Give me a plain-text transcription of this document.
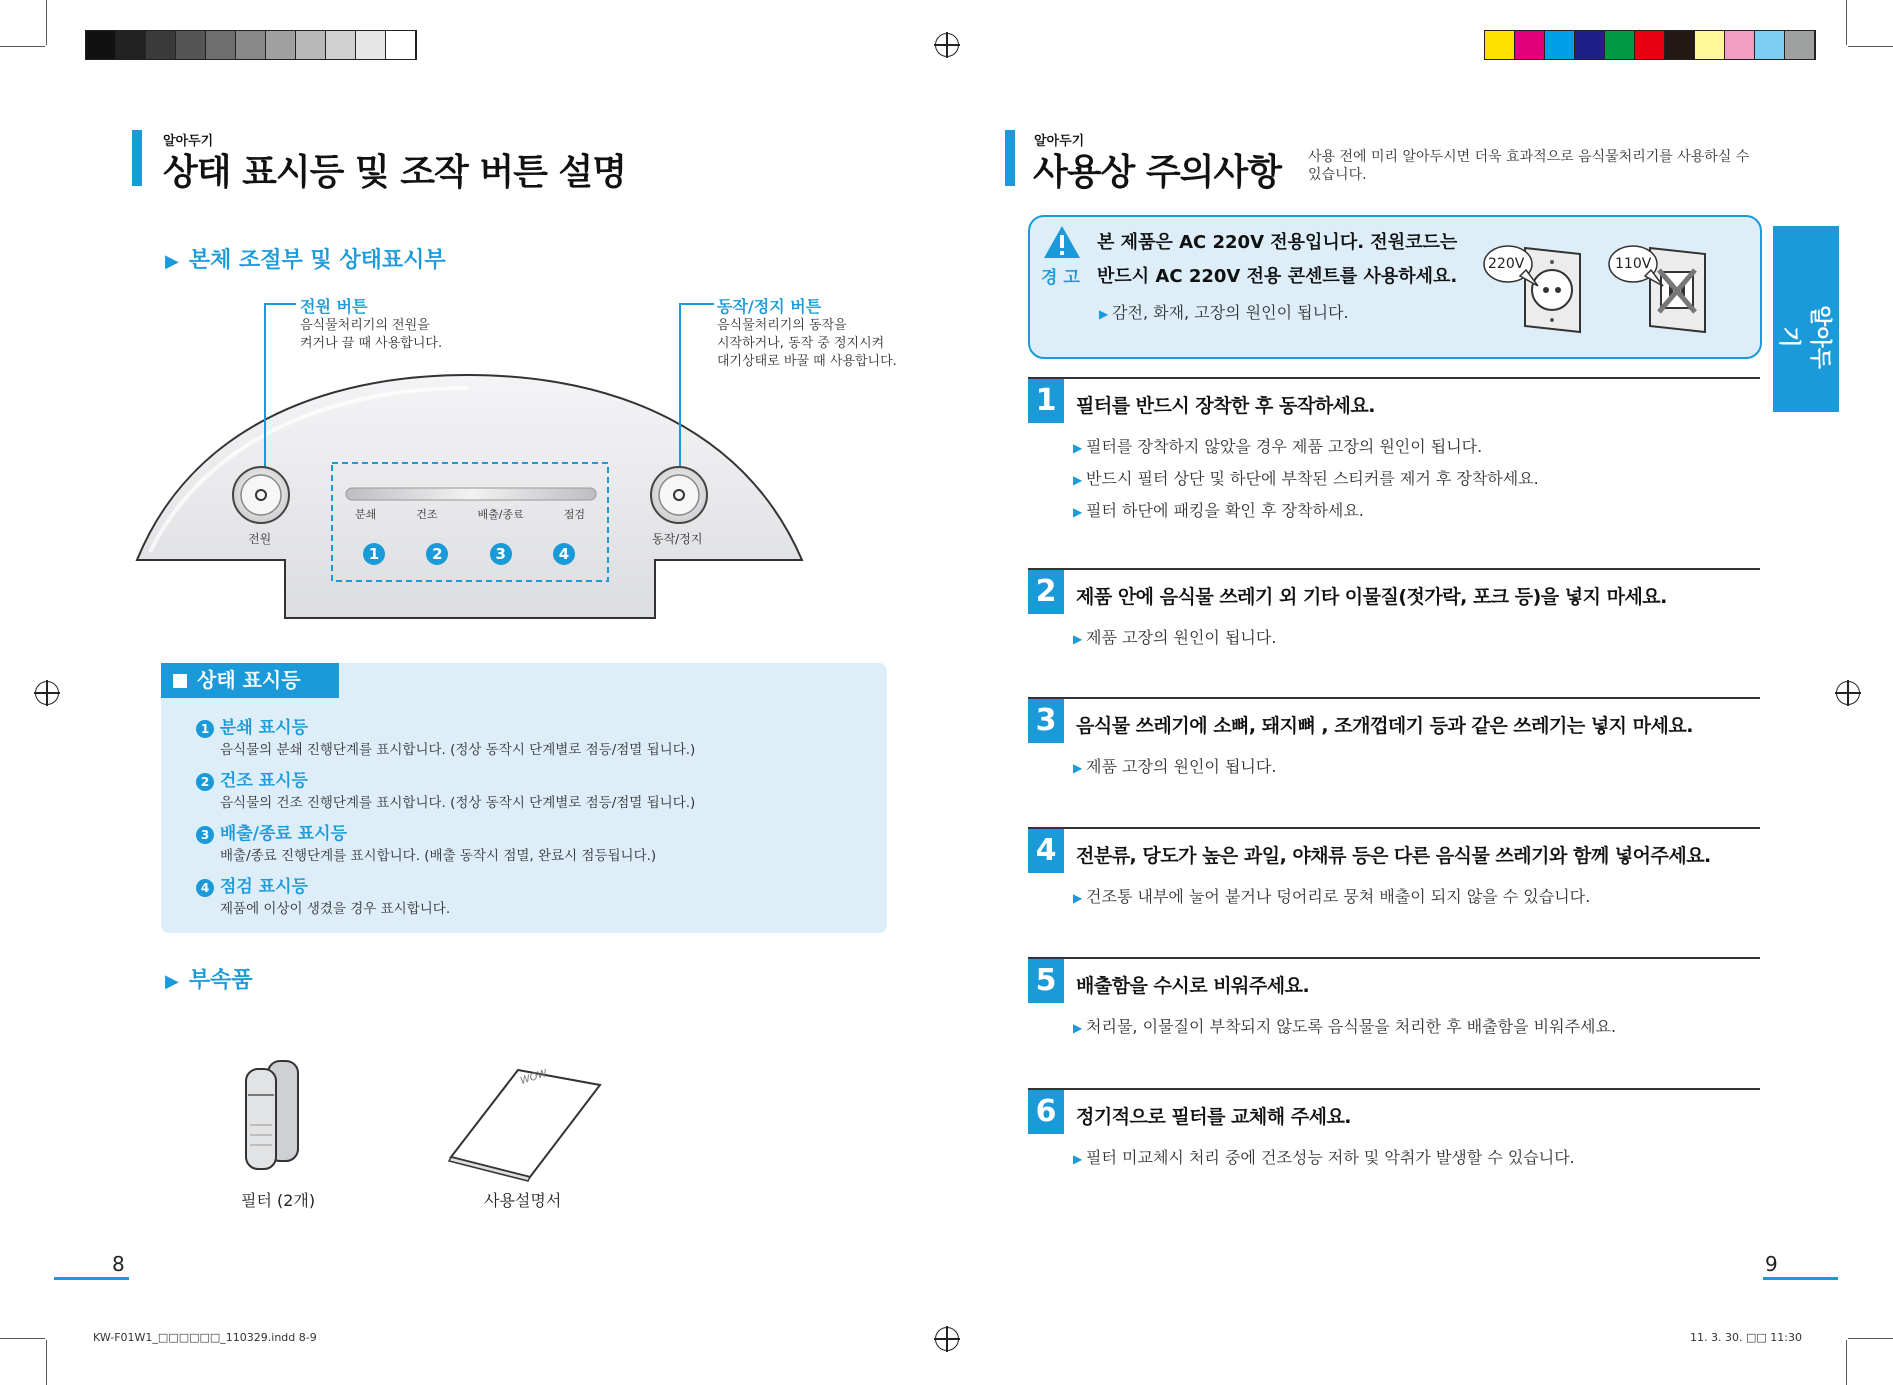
알아두기
상태 표시등 및 조작 버튼 설명
▶ 본체 조절부 및 상태표시부
전원 버튼
음식물처리기의 전원을
켜거나 끌 때 사용합니다.
동작/정지 버튼
음식물처리기의 동작을
시작하거나, 동작 중 정지시켜
대기상태로 바꿀 때 사용합니다.
전원	동작/정지
분쇄	건조	배출/종료	점검
1	2	3	4
상태 표시등
1 분쇄 표시등
음식물의 분쇄 진행단계를 표시합니다. (정상 동작시 단계별로 점등/점멸 됩니다.)
2 건조 표시등
음식물의 건조 진행단계를 표시합니다. (정상 동작시 단계별로 점등/점멸 됩니다.)
3 배출/종료 표시등
배출/종료 진행단계를 표시합니다. (배출 동작시 점멸, 완료시 점등됩니다.)
4 점검 표시등
제품에 이상이 생겼을 경우 표시합니다.
▶ 부속품
필터 (2개)
WOW
사용설명서
8
알아두기
사용상 주의사항 사용 전에 미리 알아두시면 더욱 효과적으로 음식물처리기를 사용하실 수
있습니다.
알아두기
경 고
본 제품은 AC 220V 전용입니다. 전원코드는
반드시 AC 220V 전용 콘센트를 사용하세요.
▶ 감전, 화재, 고장의 원인이 됩니다.
220V	110V
1	필터를 반드시 장착한 후 동작하세요.
▶ 필터를 장착하지 않았을 경우 제품 고장의 원인이 됩니다.
▶ 반드시 필터 상단 및 하단에 부착된 스티커를 제거 후 장착하세요.
▶ 필터 하단에 패킹을 확인 후 장착하세요.
2	제품 안에 음식물 쓰레기 외 기타 이물질(젓가락, 포크 등)을 넣지 마세요.
▶ 제품 고장의 원인이 됩니다.
3	음식물 쓰레기에 소뼈, 돼지뼈 , 조개껍데기 등과 같은 쓰레기는 넣지 마세요.
▶ 제품 고장의 원인이 됩니다.
4	전분류, 당도가 높은 과일, 야채류 등은 다른 음식물 쓰레기와 함께 넣어주세요.
▶ 건조통 내부에 눌어 붙거나 덩어리로 뭉쳐 배출이 되지 않을 수 있습니다.
5	배출함을 수시로 비워주세요.
▶ 처리물, 이물질이 부착되지 않도록 음식물을 처리한 후 배출함을 비워주세요.
6	정기적으로 필터를 교체해 주세요.
▶ 필터 미교체시 처리 중에 건조성능 저하 및 악취가 발생할 수 있습니다.
9
KW-F01W1_□□□□□□_110329.indd 8-9	11. 3. 30. □□ 11:30
